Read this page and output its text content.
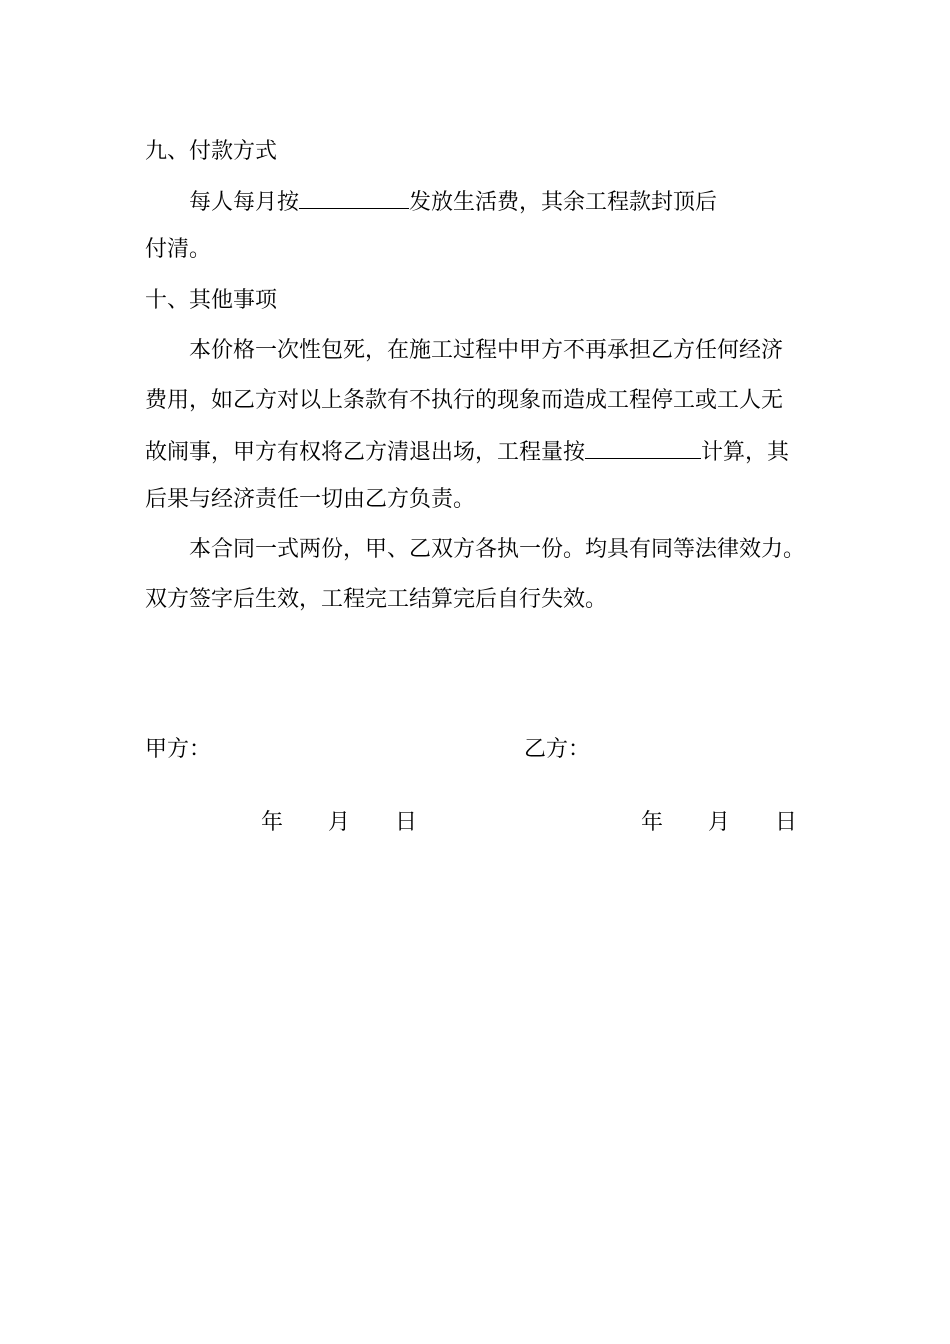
九、付款方式
每人每月按	发放生活费，其余工程款封顶后
付清。
十、其他事项
本价格一次性包死，在施工过程中甲方不再承担乙方任何经济
费用，如乙方对以上条款有不执行的现象而造成工程停工或工人无
故闹事，甲方有权将乙方清退出场，工程量按	计算，其
后果与经济责任一切由乙方负责。
本合同一式两份，甲、乙双方各执一份。均具有同等法律效力。
双方签字后生效，工程完工结算完后自行失效。
甲方：	乙方：
年 月 日	年 月 日
